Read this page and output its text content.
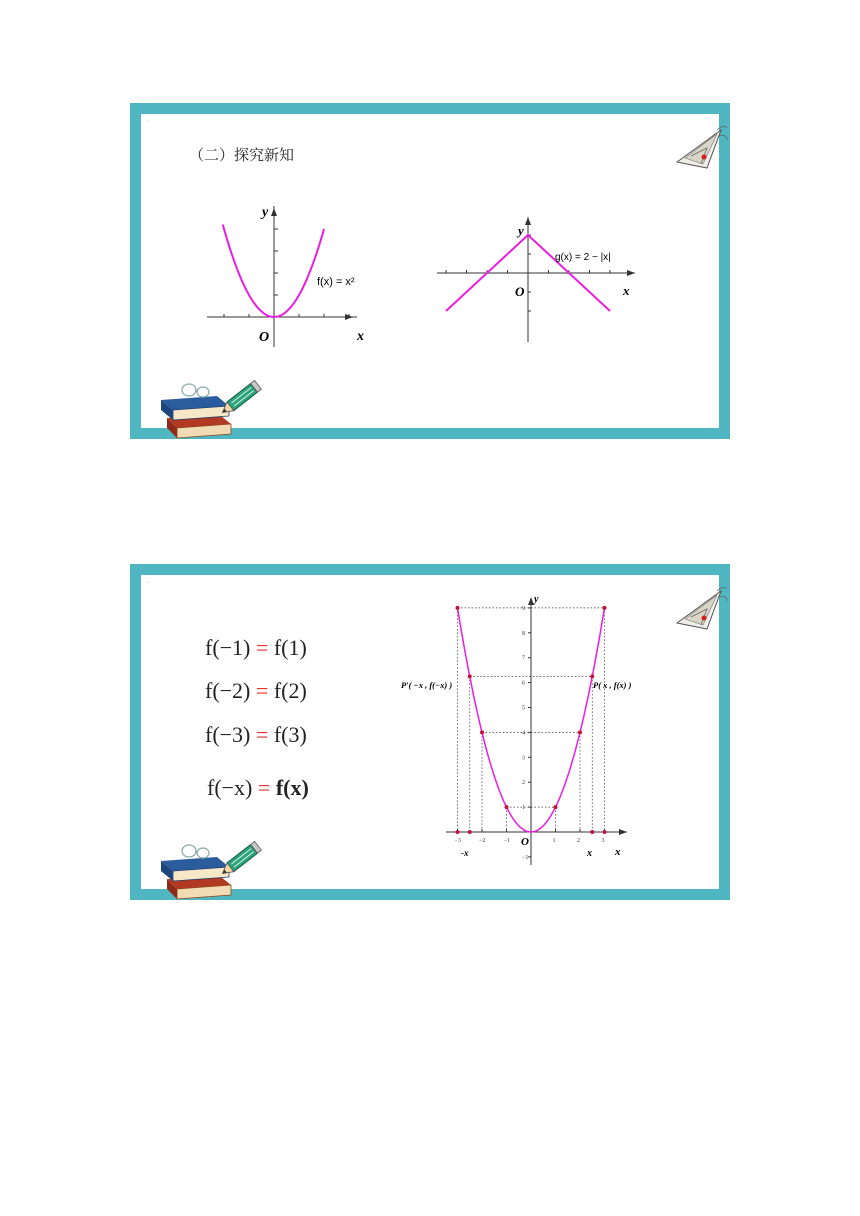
·
（二）探究新知
x
y
O
f(x) = x²
x
y
O
g(x) = 2 − |x|
·
f(−1) = f(1)
f(−2) = f(2)
f(−3) = f(3)
f(−x) = f(x)
−3	−2	−1	1	2	3
−1
1
2
3
4
5
6
7
8
9
x
y
O
P′( −x , f(−x) )	P( x , f(x) )
-x	x
